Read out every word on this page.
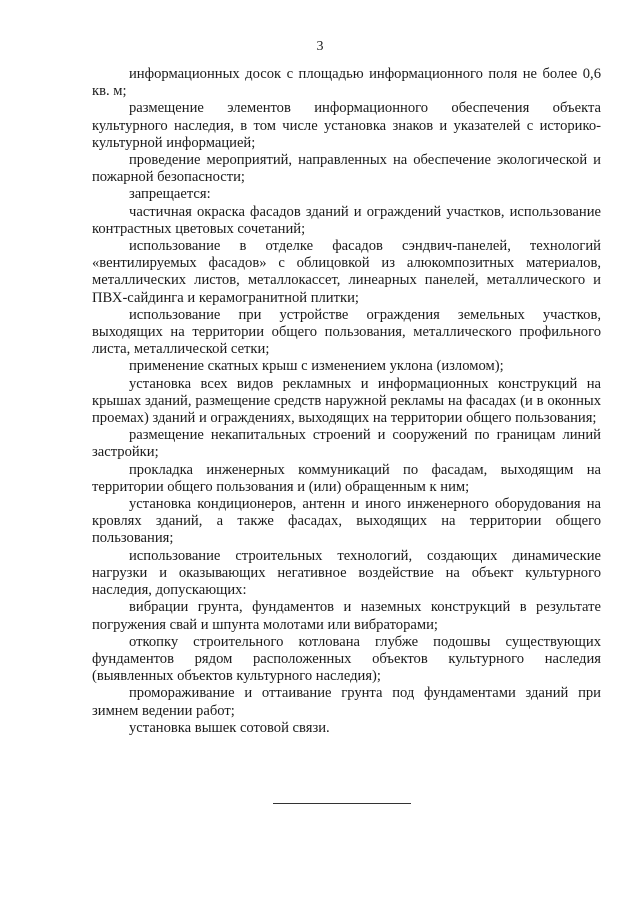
3

информационных досок с площадью информационного поля не более 0,6 кв. м;

размещение элементов информационного обеспечения объекта культурного наследия, в том числе установка знаков и указателей с историко-культурной информацией;

проведение мероприятий, направленных на обеспечение экологической и пожарной безопасности;

запрещается:

частичная окраска фасадов зданий и ограждений участков, использование контрастных цветовых сочетаний;

использование в отделке фасадов сэндвич-панелей, технологий «вентилируемых фасадов» с облицовкой из алюкомпозитных материалов, металлических листов, металлокассет, линеарных панелей, металлического и ПВХ-сайдинга и керамогранитной плитки;

использование при устройстве ограждения земельных участков, выходящих на территории общего пользования, металлического профильного листа, металлической сетки;

применение скатных крыш с изменением уклона (изломом);

установка всех видов рекламных и информационных конструкций на крышах зданий, размещение средств наружной рекламы на фасадах (и в оконных проемах) зданий и ограждениях, выходящих на территории общего пользования;

размещение некапитальных строений и сооружений по границам линий застройки;

прокладка инженерных коммуникаций по фасадам, выходящим на территории общего пользования и (или) обращенным к ним;

установка кондиционеров, антенн и иного инженерного оборудования на кровлях зданий, а также фасадах, выходящих на территории общего пользования;

использование строительных технологий, создающих динамические нагрузки и оказывающих негативное воздействие на объект культурного наследия, допускающих:

вибрации грунта, фундаментов и наземных конструкций в результате погружения свай и шпунта молотами или вибраторами;

откопку строительного котлована глубже подошвы существующих фундаментов рядом расположенных объектов культурного наследия (выявленных объектов культурного наследия);

промораживание и оттаивание грунта под фундаментами зданий при зимнем ведении работ;

установка вышек сотовой связи.
